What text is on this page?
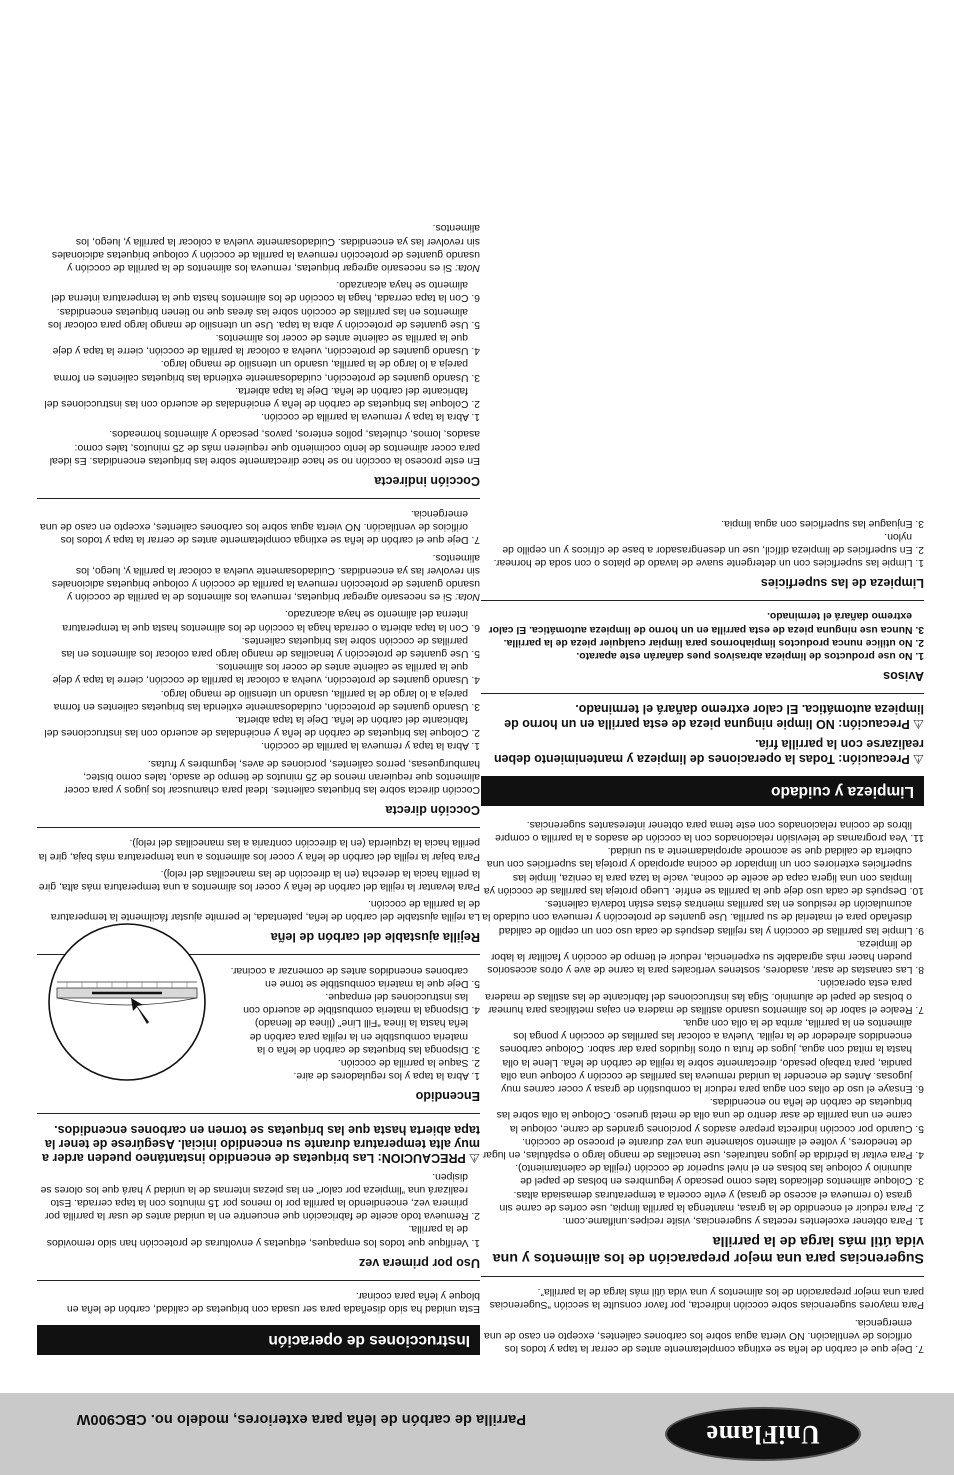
UniFlame
Parrilla de carbón de leña para exteriores, modelo no. CBC900W
7. Deje que el carbón de leña se extinga completamente antes de cerrar la tapa y todos los orificios de ventilación. NO vierta agua sobre los carbones calientes, excepto en caso de una emergencia.

Para mayores sugerencias sobre cocción indirecta, por favor consulte la sección “Sugerencias para una mejor preparación de los alimentos y una vida útil más larga de la parrilla”.

Sugerencias para una mejor preparación de los alimentos y una vida útil más larga de la parrilla
1. Para obtener excelentes recetas y sugerencias, visite recipes.uniflame.com.
2. Para reducir el encendido de la grasa, mantenga la parrilla limpia, use cortes de carne sin grasa (o remueva el acceso de grasa) y evite cocerla a temperaturas demasiada altas.
3. Coloque alimentos delicados tales como pescado y legumbres en bolsas de papel de aluminio y coloque las bolsas en el nivel superior de cocción (rejilla de calentamiento).
4. Para evitar la pérdida de jugos naturales, use tenacillas de mango largo o espátulas, en lugar de tenedores, y voltee el alimento solamente una vez durante el proceso de cocción.
5. Cuando por cocción indirecta prepare asados y porciones grandes de carne, coloque la carne en una parrilla de asar dentro de una olla de metal grueso. Coloque la olla sobre las briquetas de carbón de leña no encendidas.
6. Ensaye el uso de ollas con agua para reducir la combustión de grasa y cocer carnes muy jugosas. Antes de encender la unidad remueva las parrillas de cocción y coloque una olla pandia, para trabajo pesado, directamente sobre la rejilla de carbón de leña. Llene la olla hasta la mitad con agua, jugos de fruta u otros líquidos para dar sabor. Coloque carbones encendidos alrededor de la rejilla. Vuelva a colocar las parrillas de cocción y ponga los alimentos en la parrilla, arriba de la olla con agua.
7. Realce el sabor de los alimentos usando astillas de madera en cajas metálicas para humear o bolsas de papel de aluminio. Siga las instrucciones del fabricante de las astillas de madera para esta operación.
8. Las canastas de asar, asadores, sostenes verticales para la carne de ave y otros accesorios pueden hacer más agradable su experiencia, reducir el tiempo de cocción y facilitar la labor de limpieza.
9. Limpie las parrillas de cocción y las rejillas después de cada uso con un cepillo de calidad diseñado para el material de su parrilla. Use guantes de protección y remueva con cuidado la acumulación de residuos en las parrillas mientras éstas están todavía calientes.
10. Después de cada uso deje que la parrilla se enfríe. Luego proteja las parrillas de cocción ya limpias con una ligera capa de aceite de cocina, vacíe la taza para la ceniza, limpie las superficies exteriores con un limpiador de cocina apropiado y proteja las superficies con una cubierta de calidad que se acomode apropiadamente a su unidad.
11. Vea programas de televisión relacionados con la cocción de asados a la parrilla o compre libros de cocina relacionados con este tema para obtener interesantes sugerencias.
Limpieza y cuidado
⚠Precaución: Todas la operaciones de limpieza y mantenimiento deben realizarse con la parrilla fría.
⚠Precaución: NO limpie ninguna pieza de esta parrilla en un horno de limpieza automática. El calor extremo dañará el terminado.
Avisos
1. No use productos de limpieza abrasivos pues dañarán este aparato.
2. No utilice nunca productos limpiahornos para limpiar cualquier pieza de la parrilla.
3. Nunca use ninguna pieza de esta parrilla en un horno de limpieza automática. El calor extremo dañará el terminado.
Limpieza de las superficies
1. Limpie las superficies con un detergente suave de lavado de platos o con soda de hornear.
2. En superficies de limpieza difícil, use un desengrasador a base de cítricos y un cepillo de nylon.
3. Enjuague las superficies con agua limpia.
Instrucciones de operación

Esta unidad ha sido diseñada para ser usada con briquetas de calidad, carbón de leña en bloque y leña para cocinar.

Uso por primera vez
1. Verifique que todos los empaques, etiquetas y envolturas de protección han sido removidos de la parrilla.
2. Remueva todo aceite de fabricación que encuentre en la unidad antes de usar la parrilla por primera vez, encendiendo la parrilla por lo menos por 15 minutos con la tapa cerrada. Esto realizará una “limpieza por calor” en las piezas internas de la unidad y hará que los olores se disipen.
⚠PRECAUCION: Las briquetas de encendido instantáneo pueden arder a muy alta temperatura durante su encendido inicial. Asegúrese de tener la tapa abierta hasta que las briquetas se tornen en carbones encendidos.
Encendido
1. Abra la tapa y los reguladores de aire.
2. Saque la parrilla de cocción.
3. Disponga las briquetas de carbón de leña o la materia combustible en la rejilla para carbón de leña hasta la línea “Fill Line” (línea de llenado)
4. Disponga la materia combustible de acuerdo con las instrucciones del empaque.
5. Deje que la materia combustible se torne en carbones encendidos antes de comenzar a cocinar.
Rejilla ajustable del carbón de leña

La rejilla ajustable del carbón de leña, patentada, le permite ajustar fácilmente la temperatura de la parrilla de cocción.

Para levantar la rejilla del carbón de leña y cocer los alimentos a una temperatura más alta, gire la perilla hacia la derecha (en la dirección de las manecillas del reloj).

Para bajar la rejilla del carbón de leña y cocer los alimentos a una temperatura más baja, gire la perilla hacia la izquierda (en la dirección contraria a las manecillas del reloj).

Cocción directa

Cocción directa sobre las briquetas calientes. Ideal para chamuscar los jugos y para cocer alimentos que requieran menos de 25 minutos de tiempo de asado, tales como bistec, hamburguesas, perros calientes, porciones de aves, legumbres y frutas.

1. Abra la tapa y remueva la parrilla de cocción.
2. Coloque las briquetas de carbón de leña y enciéndalas de acuerdo con las instrucciones del fabricante del carbón de leña. Deje la tapa abierta.
3. Usando guantes de protección, cuidadosamente extienda las briquetas calientes en forma pareja a lo largo de la parrilla, usando un utensilio de mango largo.
4. Usando guantes de protección, vuelva a colocar la parrilla de cocción, cierre la tapa y deje que la parrilla se caliente antes de cocer los alimentos.
5. Use guantes de protección y tenacillas de mango largo para colocar los alimentos en las parrillas de cocción sobre las briquetas calientes.
6. Con la tapa abierta o cerrada haga la cocción de los alimentos hasta que la temperatura interna del alimento se haya alcanzado.

Nota: Si es necesario agregar briquetas, remueva los alimentos de la parrilla de cocción y usando guantes de protección remueva la parrilla de cocción y coloque briquetas adicionales sin revolver las ya encendidas. Cuidadosamente vuelva a colocar la parrilla y, luego, los alimentos.

7. Deje que el carbón de leña se extinga completamente antes de cerrar la tapa y todos los orificios de ventilación. NO vierta agua sobre los carbones calientes, excepto en caso de una emergencia.
Cocción indirecta

En este proceso la cocción no se hace directamente sobre las briquetas encendidas. Es ideal para cocer alimentos de lento cocimiento que requieren más de 25 minutos, tales como: asados, lomos, chuletas, pollos enteros, pavos, pescado y alimentos horneados.

1. Abra la tapa y remueva la parrilla de cocción.
2. Coloque las briquetas de carbón de leña y enciéndalas de acuerdo con las instrucciones del fabricante del carbón de leña. Deje la tapa abierta.
3. Usando guantes de protección, cuidadosamente extienda las briquetas calientes en forma pareja a lo largo de la parrilla, usando un utensilio de mango largo.
4. Usando guantes de protección, vuelva a colocar la parrilla de cocción, cierre la tapa y deje que la parrilla se caliente antes de cocer los alimentos.
5. Use guantes de protección y abra la tapa. Use un utensilio de mango largo para colocar los alimentos en las parrillas de cocción sobre las áreas que no tienen briquetas encendidas.
6. Con la tapa cerrada, haga la cocción de los alimentos hasta que la temperatura interna del alimento se haya alcanzado.

Nota: Si es necesario agregar briquetas, remueva los alimentos de la parrilla de cocción y usando guantes de protección remueva la parrilla de cocción y coloque briquetas adicionales sin revolver las ya encendidas. Cuidadosamente vuelva a colocar la parrilla y, luego, los alimentos.
